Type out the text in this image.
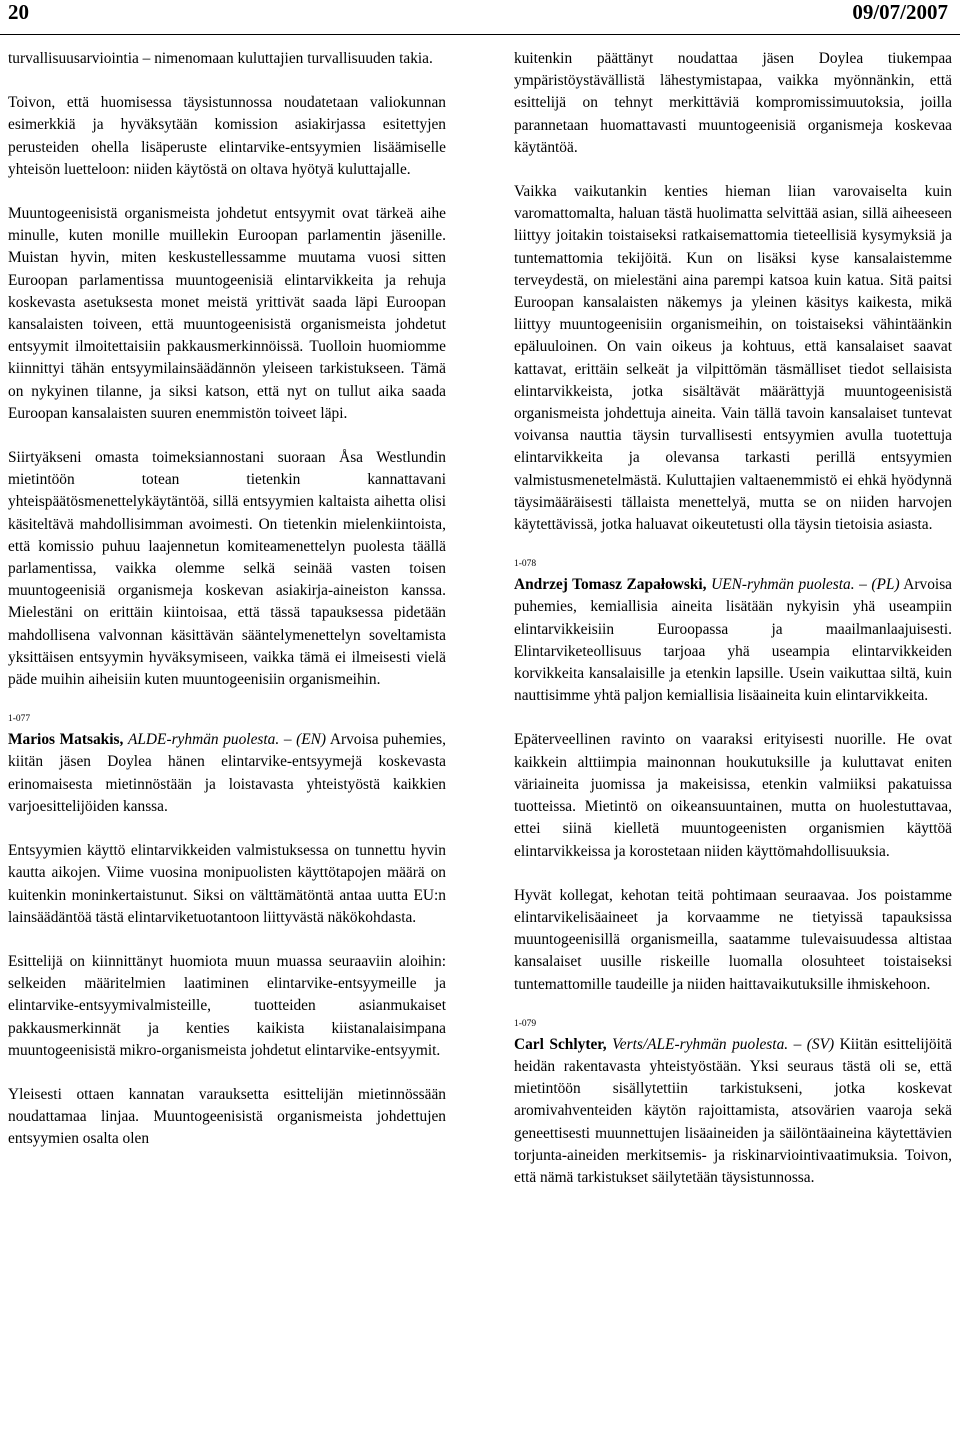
20	09/07/2007

turvallisuusarviointia – nimenomaan kuluttajien turvallisuuden takia.

Toivon, että huomisessa täysistunnossa noudatetaan valiokunnan esimerkkiä ja hyväksytään komission asiakirjassa esitettyjen perusteiden ohella lisäperuste elintarvike-entsyymien lisäämiselle yhteisön luetteloon: niiden käytöstä on oltava hyötyä kuluttajalle.

Muuntogeenisistä organismeista johdetut entsyymit ovat tärkeä aihe minulle, kuten monille muillekin Euroopan parlamentin jäsenille. Muistan hyvin, miten keskustellessamme muutama vuosi sitten Euroopan parlamentissa muuntogeenisiä elintarvikkeita ja rehuja koskevasta asetuksesta monet meistä yrittivät saada läpi Euroopan kansalaisten toiveen, että muuntogeenisistä organismeista johdetut entsyymit ilmoitettaisiin pakkausmerkinnöissä. Tuolloin huomiomme kiinnittyi tähän entsyymilainsäädännön yleiseen tarkistukseen. Tämä on nykyinen tilanne, ja siksi katson, että nyt on tullut aika saada Euroopan kansalaisten suuren enemmistön toiveet läpi.

Siirtyäkseni omasta toimeksiannostani suoraan Åsa Westlundin mietintöön totean tietenkin kannattavani yhteispäätösmenettelykäytäntöä, sillä entsyymien kaltaista aihetta olisi käsiteltävä mahdollisimman avoimesti. On tietenkin mielenkiintoista, että komissio puhuu laajennetun komiteamenettelyn puolesta täällä parlamentissa, vaikka olemme selkä seinää vasten toisen muuntogeenisiä organismeja koskevan asiakirja-aineiston kanssa. Mielestäni on erittäin kiintoisaa, että tässä tapauksessa pidetään mahdollisena valvonnan käsittävän sääntelymenettelyn soveltamista yksittäisen entsyymin hyväksymiseen, vaikka tämä ei ilmeisesti vielä päde muihin aiheisiin kuten muuntogeenisiin organismeihin.

1-077

Marios Matsakis, ALDE-ryhmän puolesta. – (EN) Arvoisa puhemies, kiitän jäsen Doylea hänen elintarvike-entsyymejä koskevasta erinomaisesta mietinnöstään ja loistavasta yhteistyöstä kaikkien varjoesittelijöiden kanssa.

Entsyymien käyttö elintarvikkeiden valmistuksessa on tunnettu hyvin kautta aikojen. Viime vuosina monipuolisten käyttötapojen määrä on kuitenkin moninkertaistunut. Siksi on välttämätöntä antaa uutta EU:n lainsäädäntöä tästä elintarviketuotantoon liittyvästä näkökohdasta.

Esittelijä on kiinnittänyt huomiota muun muassa seuraaviin aloihin: selkeiden määritelmien laatiminen elintarvike-entsyymeille ja elintarvike-entsyymivalmisteille, tuotteiden asianmukaiset pakkausmerkinnät ja kenties kaikista kiistanalaisimpana muuntogeenisistä mikro-organismeista johdetut elintarvike-entsyymit.

Yleisesti ottaen kannatan varauksetta esittelijän mietinnössään noudattamaa linjaa. Muuntogeenisistä organismeista johdettujen entsyymien osalta olen

kuitenkin päättänyt noudattaa jäsen Doylea tiukempaa ympäristöystävällistä lähestymistapaa, vaikka myönnänkin, että esittelijä on tehnyt merkittäviä kompromissimuutoksia, joilla parannetaan huomattavasti muuntogeenisiä organismeja koskevaa käytäntöä.

Vaikka vaikutankin kenties hieman liian varovaiselta kuin varomattomalta, haluan tästä huolimatta selvittää asian, sillä aiheeseen liittyy joitakin toistaiseksi ratkaisemattomia tieteellisiä kysymyksiä ja tuntemattomia tekijöitä. Kun on lisäksi kyse kansalaistemme terveydestä, on mielestäni aina parempi katsoa kuin katua. Sitä paitsi Euroopan kansalaisten näkemys ja yleinen käsitys kaikesta, mikä liittyy muuntogeenisiin organismeihin, on toistaiseksi vähintäänkin epäluuloinen. On vain oikeus ja kohtuus, että kansalaiset saavat kattavat, erittäin selkeät ja vilpittömän täsmälliset tiedot sellaisista elintarvikkeista, jotka sisältävät määrättyjä muuntogeenisistä organismeista johdettuja aineita. Vain tällä tavoin kansalaiset tuntevat voivansa nauttia täysin turvallisesti entsyymien avulla tuotettuja elintarvikkeita ja olevansa tarkasti perillä entsyymien valmistusmenetelmästä. Kuluttajien valtaenemmistö ei ehkä hyödynnä täysimääräisesti tällaista menettelyä, mutta se on niiden harvojen käytettävissä, jotka haluavat oikeutetusti olla täysin tietoisia asiasta.

1-078

Andrzej Tomasz Zapałowski, UEN-ryhmän puolesta. – (PL) Arvoisa puhemies, kemiallisia aineita lisätään nykyisin yhä useampiin elintarvikkeisiin Euroopassa ja maailmanlaajuisesti. Elintarviketeollisuus tarjoaa yhä useampia elintarvikkeiden korvikkeita kansalaisille ja etenkin lapsille. Usein vaikuttaa siltä, kuin nauttisimme yhtä paljon kemiallisia lisäaineita kuin elintarvikkeita.

Epäterveellinen ravinto on vaaraksi erityisesti nuorille. He ovat kaikkein alttiimpia mainonnan houkutuksille ja kuluttavat eniten väriaineita juomissa ja makeisissa, etenkin valmiiksi pakatuissa tuotteissa. Mietintö on oikeansuuntainen, mutta on huolestuttavaa, ettei siinä kielletä muuntogeenisten organismien käyttöä elintarvikkeissa ja korostetaan niiden käyttömahdollisuuksia.

Hyvät kollegat, kehotan teitä pohtimaan seuraavaa. Jos poistamme elintarvikelisäaineet ja korvaamme ne tietyissä tapauksissa muuntogeenisillä organismeilla, saatamme tulevaisuudessa altistaa kansalaiset uusille riskeille luomalla olosuhteet toistaiseksi tuntemattomille taudeille ja niiden haittavaikutuksille ihmiskehoon.

1-079

Carl Schlyter, Verts/ALE-ryhmän puolesta. – (SV) Kiitän esittelijöitä heidän rakentavasta yhteistyöstään. Yksi seuraus tästä oli se, että mietintöön sisällytettiin tarkistukseni, jotka koskevat aromivahventeiden käytön rajoittamista, atsovärien vaaroja sekä geneettisesti muunnettujen lisäaineiden ja säilöntäaineina käytettävien torjunta-aineiden merkitsemis- ja riskinarviointivaatimuksia. Toivon, että nämä tarkistukset säilytetään täysistunnossa.
